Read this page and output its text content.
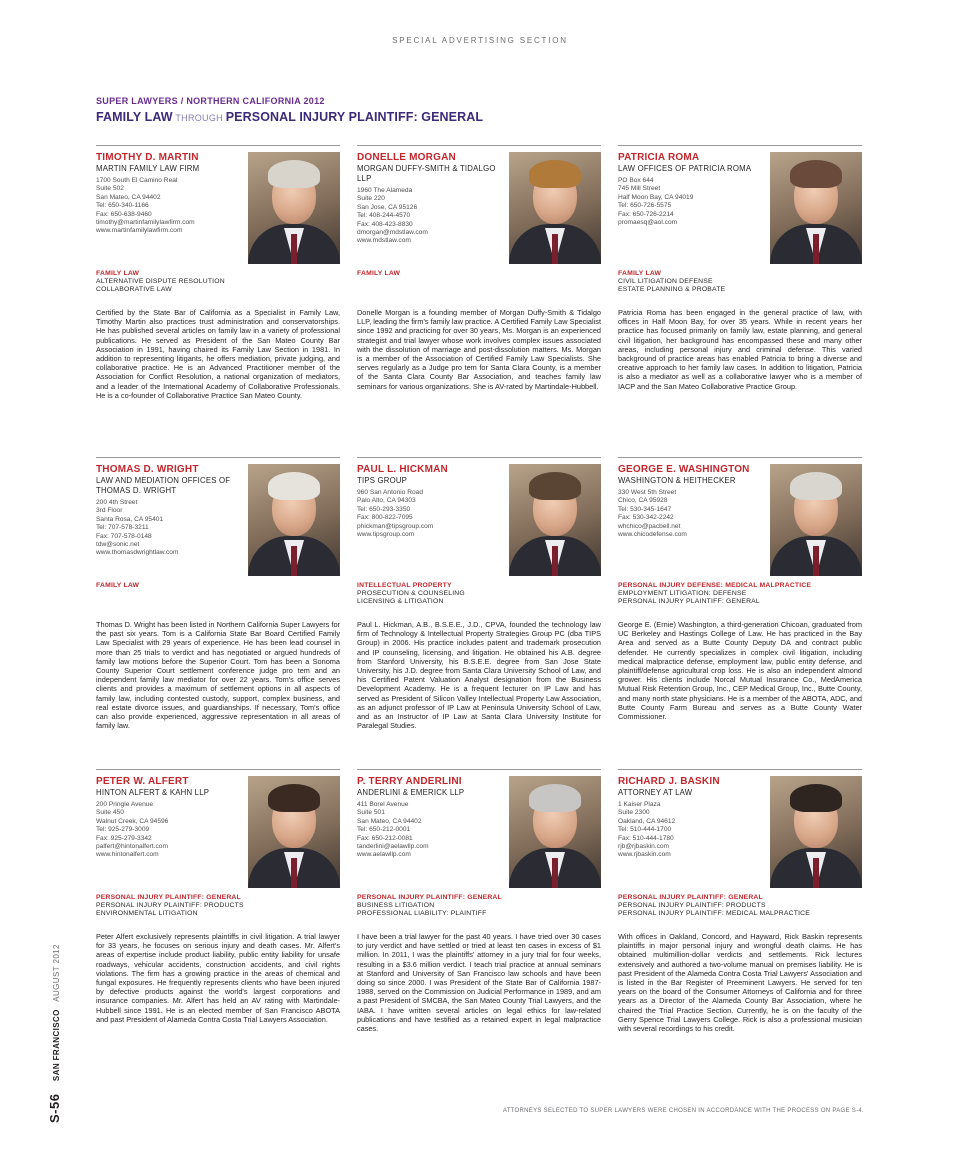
SPECIAL ADVERTISING SECTION
SUPER LAWYERS / NORTHERN CALIFORNIA 2012
FAMILY LAW THROUGH PERSONAL INJURY PLAINTIFF: GENERAL
TIMOTHY D. MARTIN
MARTIN FAMILY LAW FIRM
1700 South El Camino Real
Suite 502
San Mateo, CA 94402
Tel: 650-340-1166
Fax: 650-638-9460
timothy@martinfamilylawfirm.com
www.martinfamilylawfirm.com
FAMILY LAW
ALTERNATIVE DISPUTE RESOLUTION
COLLABORATIVE LAW
Certified by the State Bar of California as a Specialist in Family Law, Timothy Martin also practices trust administration and conservatorships. He has published several articles on family law in a variety of professional publications. He served as President of the San Mateo County Bar Association in 1991, having chaired its Family Law Section in 1981. In addition to representing litigants, he offers mediation, private judging, and collaborative practice. He is an Advanced Practitioner member of the Association for Conflict Resolution, a national organization of mediators, and a leader of the International Academy of Collaborative Professionals. He is a co-founder of Collaborative Practice San Mateo County.
DONELLE MORGAN
MORGAN DUFFY-SMITH & TIDALGO LLP
1960 The Alameda
Suite 220
San Jose, CA 95126
Tel: 408-244-4570
Fax: 408-423-8830
dmorgan@mdstlaw.com
www.mdstlaw.com
FAMILY LAW
Donelle Morgan is a founding member of Morgan Duffy-Smith & Tidalgo LLP, leading the firm's family law practice. A Certified Family Law Specialist since 1992 and practicing for over 30 years, Ms. Morgan is an experienced strategist and trial lawyer whose work involves complex issues associated with the dissolution of marriage and post-dissolution matters. Ms. Morgan is a member of the Association of Certified Family Law Specialists. She serves regularly as a Judge pro tem for Santa Clara County, is a member of the Santa Clara County Bar Association, and teaches family law seminars for various organizations. She is AV-rated by Martindale-Hubbell.
PATRICIA ROMA
LAW OFFICES OF PATRICIA ROMA
PO Box 644
745 Mill Street
Half Moon Bay, CA 94019
Tel: 650-726-5575
Fax: 650-726-2214
promaesq@aol.com
FAMILY LAW
CIVIL LITIGATION DEFENSE
ESTATE PLANNING & PROBATE
Patricia Roma has been engaged in the general practice of law, with offices in Half Moon Bay, for over 35 years. While in recent years her practice has focused primarily on family law, estate planning, and general civil litigation, her background has encompassed these and many other areas, including personal injury and criminal defense. This varied background of practice areas has enabled Patricia to bring a diverse and creative approach to her family law cases. In addition to litigation, Patricia is also a mediator as well as a collaborative lawyer who is a member of IACP and the San Mateo Collaborative Practice Group.
THOMAS D. WRIGHT
LAW AND MEDIATION OFFICES OF THOMAS D. WRIGHT
200 4th Street
3rd Floor
Santa Rosa, CA 95401
Tel: 707-578-3211
Fax: 707-578-0148
tdw@sonic.net
www.thomasdwrightlaw.com
FAMILY LAW
Thomas D. Wright has been listed in Northern California Super Lawyers for the past six years. Tom is a California State Bar Board Certified Family Law Specialist with 29 years of experience. He has been lead counsel in more than 25 trials to verdict and has negotiated or argued hundreds of family law motions before the Superior Court. Tom has been a Sonoma County Superior Court settlement conference judge pro tem and an independent family law mediator for over 22 years. Tom's office serves clients and provides a maximum of settlement options in all aspects of family law, including contested custody, support, complex business, and real estate divorce issues, and guardianships. If necessary, Tom's office can also provide experienced, aggressive representation in all areas of family law.
PAUL L. HICKMAN
TIPS GROUP
960 San Antonio Road
Palo Alto, CA 94303
Tel: 650-293-3350
Fax: 800-822-7095
phickman@tipsgroup.com
www.tipsgroup.com
INTELLECTUAL PROPERTY
PROSECUTION & COUNSELING
LICENSING & LITIGATION
Paul L. Hickman, A.B., B.S.E.E., J.D., CPVA, founded the technology law firm of Technology & Intellectual Property Strategies Group PC (dba TIPS Group) in 2006. His practice includes patent and trademark prosecution and IP counseling, licensing, and litigation. He obtained his A.B. degree from Stanford University, his B.S.E.E. degree from San Jose State University, his J.D. degree from Santa Clara University School of Law, and his Certified Patent Valuation Analyst designation from the Business Development Academy. He is a frequent lecturer on IP Law and has served as President of Silicon Valley Intellectual Property Law Association, as an adjunct professor of IP Law at Peninsula University School of Law, and as an Instructor of IP Law at Santa Clara University Institute for Paralegal Studies.
GEORGE E. WASHINGTON
WASHINGTON & HEITHECKER
330 West 5th Street
Chico, CA 95928
Tel: 530-345-1647
Fax: 530-342-2242
whchico@pacbell.net
www.chicodefense.com
PERSONAL INJURY DEFENSE: MEDICAL MALPRACTICE
EMPLOYMENT LITIGATION: DEFENSE
PERSONAL INJURY PLAINTIFF: GENERAL
George E. (Ernie) Washington, a third-generation Chicoan, graduated from UC Berkeley and Hastings College of Law. He has practiced in the Bay Area and served as a Butte County Deputy DA and contract public defender. He currently specializes in complex civil litigation, including medical malpractice defense, employment law, public entity defense, and plaintiff/defense agricultural crop loss. He is also an independent almond grower. His clients include Norcal Mutual Insurance Co., MedAmerica Mutual Risk Retention Group, Inc., CEP Medical Group, Inc., Butte County, and many north state physicians. He is a member of the ABOTA, ADC, and Butte County Farm Bureau and serves as a Butte County Water Commissioner.
PETER W. ALFERT
HINTON ALFERT & KAHN LLP
200 Pringle Avenue
Suite 450
Walnut Creek, CA 94596
Tel: 925-279-3009
Fax: 925-279-3342
palfert@hintonalfert.com
www.hintonalfert.com
PERSONAL INJURY PLAINTIFF: GENERAL
PERSONAL INJURY PLAINTIFF: PRODUCTS
ENVIRONMENTAL LITIGATION
Peter Alfert exclusively represents plaintiffs in civil litigation. A trial lawyer for 33 years, he focuses on serious injury and death cases. Mr. Alfert's areas of expertise include product liability, public entity liability for unsafe roadways, vehicular accidents, construction accidents, and civil rights violations. The firm has a growing practice in the areas of chemical and fungal exposures. He frequently represents clients who have been injured by defective products against the world's largest corporations and insurance companies. Mr. Alfert has held an AV rating with Martindale-Hubbell since 1991. He is an elected member of San Francisco ABOTA and past President of Alameda Contra Costa Trial Lawyers Association.
P. TERRY ANDERLINI
ANDERLINI & EMERICK LLP
411 Borel Avenue
Suite 501
San Mateo, CA 94402
Tel: 650-212-0001
Fax: 650-212-0081
tanderlini@aelawllp.com
www.aelawllp.com
PERSONAL INJURY PLAINTIFF: GENERAL
BUSINESS LITIGATION
PROFESSIONAL LIABILITY: PLAINTIFF
I have been a trial lawyer for the past 40 years. I have tried over 30 cases to jury verdict and have settled or tried at least ten cases in excess of $1 million. In 2011, I was the plaintiffs' attorney in a jury trial for four weeks, resulting in a $3.6 million verdict. I teach trial practice at annual seminars at Stanford and University of San Francisco law schools and have been doing so since 2000. I was President of the State Bar of California 1987-1988, served on the Commission on Judicial Performance in 1989, and am a past President of SMCBA, the San Mateo County Trial Lawyers, and the IABA. I have written several articles on legal ethics for law-related publications and have testified as a retained expert in legal malpractice cases.
RICHARD J. BASKIN
ATTORNEY AT LAW
1 Kaiser Plaza
Suite 2300
Oakland, CA 94612
Tel: 510-444-1700
Fax: 510-444-1780
rjb@rjbaskin.com
www.rjbaskin.com
PERSONAL INJURY PLAINTIFF: GENERAL
PERSONAL INJURY PLAINTIFF: PRODUCTS
PERSONAL INJURY PLAINTIFF: MEDICAL MALPRACTICE
With offices in Oakland, Concord, and Hayward, Rick Baskin represents plaintiffs in major personal injury and wrongful death claims. He has obtained multimillion-dollar verdicts and settlements. Rick lectures extensively and authored a two-volume manual on premises liability. He is past President of the Alameda Contra Costa Trial Lawyers' Association and is listed in the Bar Register of Preeminent Lawyers. He served for ten years on the board of the Consumer Attorneys of California and for three years as a Director of the Alameda County Bar Association, where he chaired the Trial Practice Section. Currently, he is on the faculty of the Gerry Spence Trial Lawyers College. Rick is also a professional musician with several recordings to his credit.
S-56 SAN FRANCISCO AUGUST 2012
ATTORNEYS SELECTED TO SUPER LAWYERS WERE CHOSEN IN ACCORDANCE WITH THE PROCESS ON PAGE S-4.
